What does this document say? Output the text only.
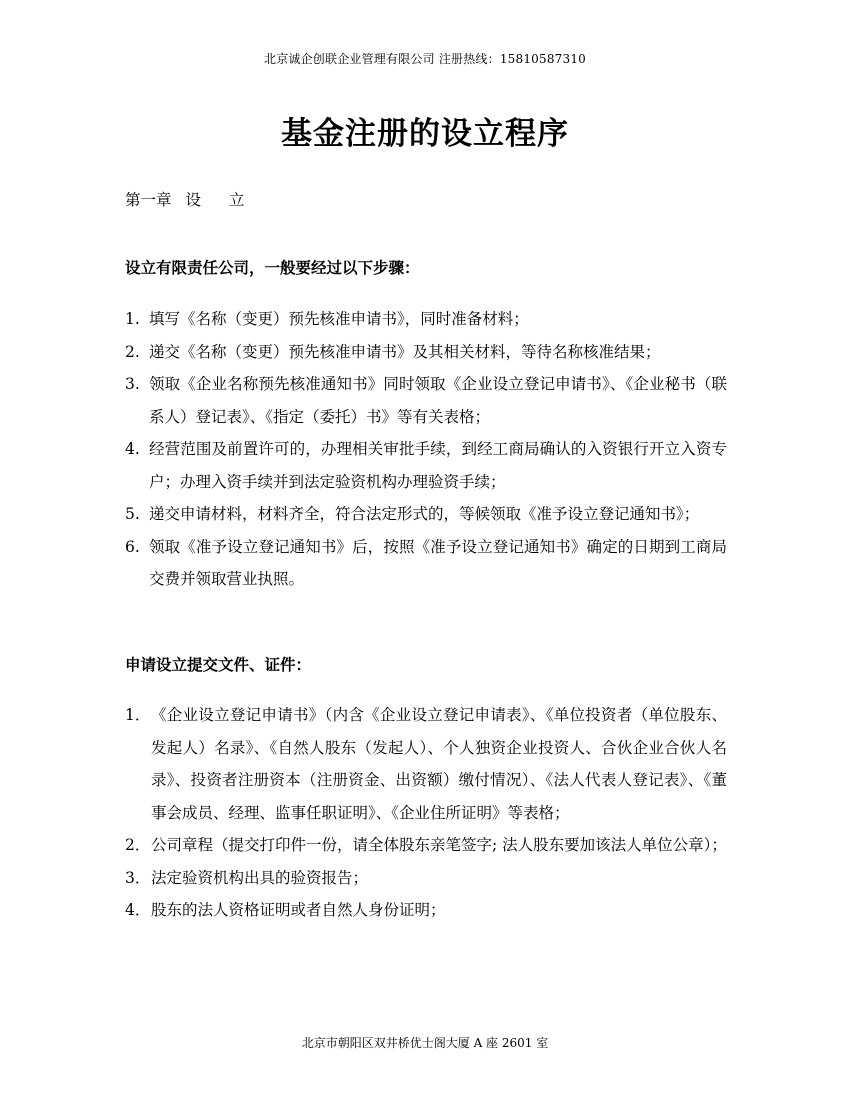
北京诚企创联企业管理有限公司 注册热线：15810587310
基金注册的设立程序
第一章 设 立
设立有限责任公司，一般要经过以下步骤：
1. 填写《名称（变更）预先核准申请书》，同时准备材料；
2. 递交《名称（变更）预先核准申请书》及其相关材料，等待名称核准结果；
3. 领取《企业名称预先核准通知书》同时领取《企业设立登记申请书》、《企业秘书（联系人）登记表》、《指定（委托）书》等有关表格；
4. 经营范围及前置许可的，办理相关审批手续，到经工商局确认的入资银行开立入资专户；办理入资手续并到法定验资机构办理验资手续；
5. 递交申请材料，材料齐全，符合法定形式的，等候领取《准予设立登记通知书》；
6. 领取《准予设立登记通知书》后，按照《准予设立登记通知书》确定的日期到工商局交费并领取营业执照。
申请设立提交文件、证件：
1． 《企业设立登记申请书》（内含《企业设立登记申请表》、《单位投资者（单位股东、发起人）名录》、《自然人股东（发起人）、个人独资企业投资人、合伙企业合伙人名录》、投资者注册资本（注册资金、出资额）缴付情况）、《法人代表人登记表》、《董事会成员、经理、监事任职证明》、《企业住所证明》等表格；
2． 公司章程（提交打印件一份，请全体股东亲笔签字; 法人股东要加该法人单位公章）；
3． 法定验资机构出具的验资报告；
4． 股东的法人资格证明或者自然人身份证明；
北京市朝阳区双井桥优士阁大厦 A 座 2601 室
